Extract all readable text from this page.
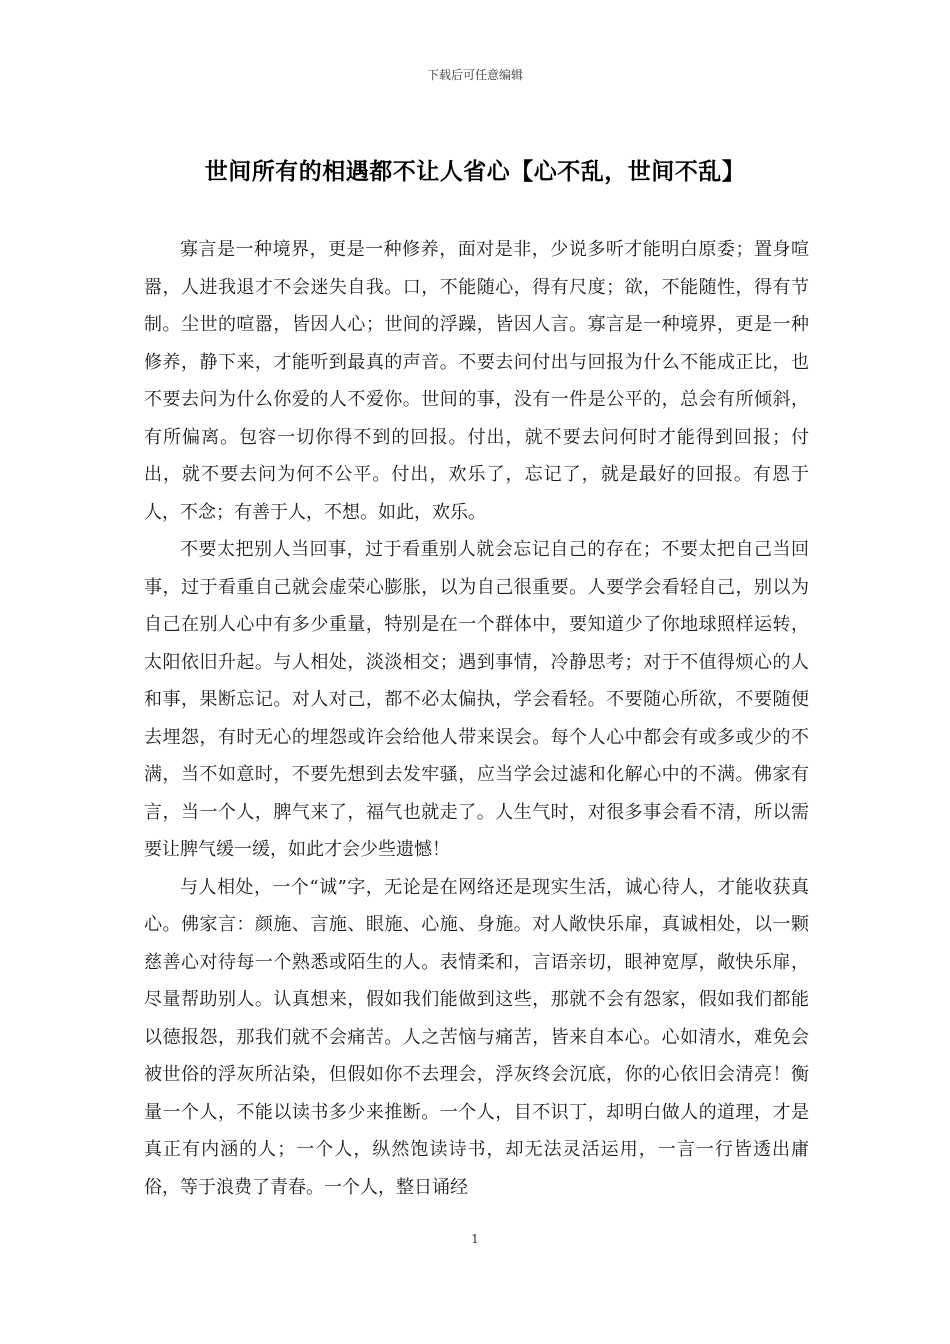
下载后可任意编辑
世间所有的相遇都不让人省心【心不乱，世间不乱】

寡言是一种境界，更是一种修养，面对是非，少说多听才能明白原委；置身喧嚣，人进我退才不会迷失自我。口，不能随心，得有尺度；欲，不能随性，得有节制。尘世的喧嚣，皆因人心；世间的浮躁，皆因人言。寡言是一种境界，更是一种修养，静下来，才能听到最真的声音。不要去问付出与回报为什么不能成正比，也不要去问为什么你爱的人不爱你。世间的事，没有一件是公平的，总会有所倾斜，有所偏离。包容一切你得不到的回报。付出，就不要去问何时才能得到回报；付出，就不要去问为何不公平。付出，欢乐了，忘记了，就是最好的回报。有恩于人，不念；有善于人，不想。如此，欢乐。

不要太把别人当回事，过于看重别人就会忘记自己的存在；不要太把自己当回事，过于看重自己就会虚荣心膨胀，以为自己很重要。人要学会看轻自己，别以为自己在别人心中有多少重量，特别是在一个群体中，要知道少了你地球照样运转，太阳依旧升起。与人相处，淡淡相交；遇到事情，冷静思考；对于不值得烦心的人和事，果断忘记。对人对己，都不必太偏执，学会看轻。不要随心所欲，不要随便去埋怨，有时无心的埋怨或许会给他人带来误会。每个人心中都会有或多或少的不满，当不如意时，不要先想到去发牢骚，应当学会过滤和化解心中的不满。佛家有言，当一个人，脾气来了，福气也就走了。人生气时，对很多事会看不清，所以需要让脾气缓一缓，如此才会少些遗憾！

与人相处，一个“诚”字，无论是在网络还是现实生活，诚心待人，才能收获真心。佛家言：颜施、言施、眼施、心施、身施。对人敞快乐扉，真诚相处，以一颗慈善心对待每一个熟悉或陌生的人。表情柔和，言语亲切，眼神宽厚，敞快乐扉，尽量帮助别人。认真想来，假如我们能做到这些，那就不会有怨家，假如我们都能以德报怨，那我们就不会痛苦。人之苦恼与痛苦，皆来自本心。心如清水，难免会被世俗的浮灰所沾染，但假如你不去理会，浮灰终会沉底，你的心依旧会清亮！衡量一个人，不能以读书多少来推断。一个人，目不识丁，却明白做人的道理，才是真正有内涵的人；一个人，纵然饱读诗书，却无法灵活运用，一言一行皆透出庸俗，等于浪费了青春。一个人，整日诵经

1
